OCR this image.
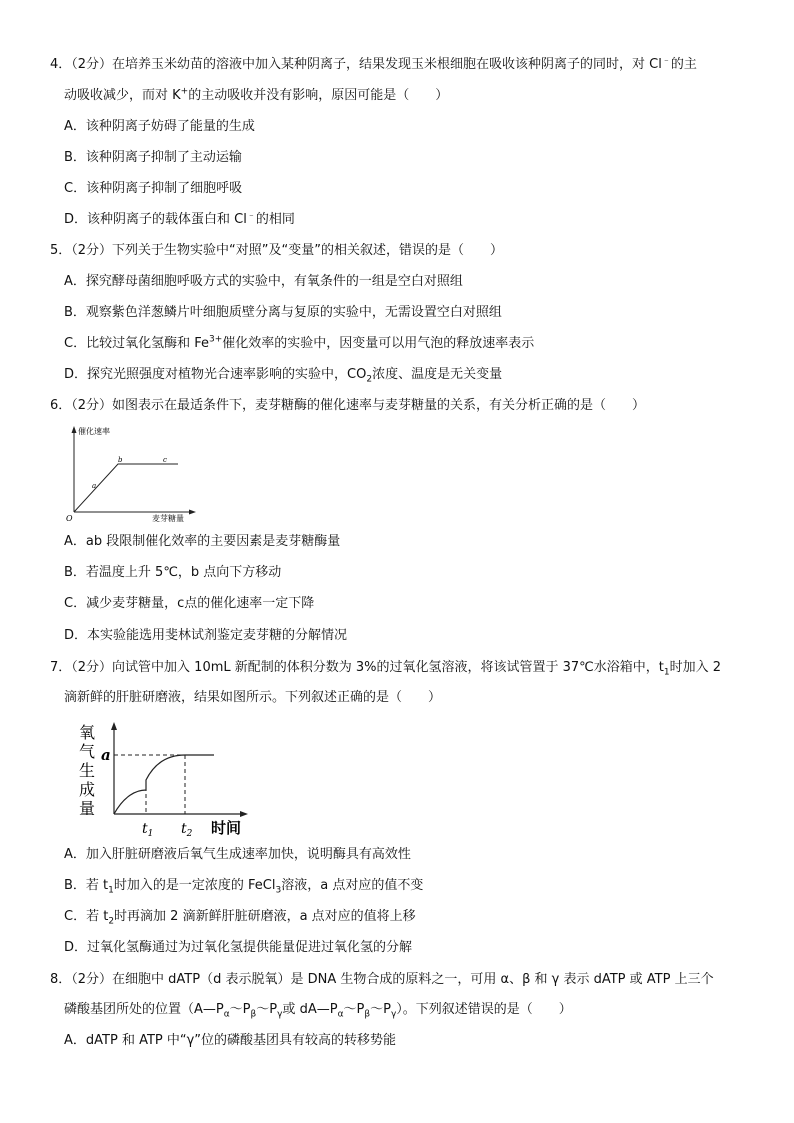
4．（2分）在培养玉米幼苗的溶液中加入某种阴离子，结果发现玉米根细胞在吸收该种阴离子的同时，对 Cl﹣的主
动吸收减少，而对 K+的主动吸收并没有影响，原因可能是（　　）
A．该种阴离子妨碍了能量的生成
B．该种阴离子抑制了主动运输
C．该种阴离子抑制了细胞呼吸
D．该种阴离子的载体蛋白和 Cl﹣的相同
5．（2分）下列关于生物实验中“对照”及“变量”的相关叙述，错误的是（　　）
A．探究酵母菌细胞呼吸方式的实验中，有氧条件的一组是空白对照组
B．观察紫色洋葱鳞片叶细胞质壁分离与复原的实验中，无需设置空白对照组
C．比较过氧化氢酶和 $Fe^{3+}$催化效率的实验中，因变量可以用气泡的释放速率表示
D．探究光照强度对植物光合速率影响的实验中，$CO_2$浓度、温度是无关变量
6．（2分）如图表示在最适条件下，麦芽糖酶的催化速率与麦芽糖量的关系，有关分析正确的是（　　）
催化速率
麦芽糖量
O
a
b	c
A．ab 段限制催化效率的主要因素是麦芽糖酶量
B．若温度上升 5℃，b 点向下方移动
C．减少麦芽糖量，c点的催化速率一定下降
D．本实验能选用斐林试剂鉴定麦芽糖的分解情况
7．（2分）向试管中加入 10mL 新配制的体积分数为 3%的过氧化氢溶液，将该试管置于 37℃水浴箱中，$t_1$时加入 2
滴新鲜的肝脏研磨液，结果如图所示。下列叙述正确的是（　　）
氧
气
生
成
量
a
$t_1$ $t_2$ 时间
A．加入肝脏研磨液后氧气生成速率加快，说明酶具有高效性
B．若 $t_1$时加入的是一定浓度的 FeCl$_3$溶液，a 点对应的值不变
C．若 $t_2$时再滴加 2 滴新鲜肝脏研磨液，a 点对应的值将上移
D．过氧化氢酶通过为过氧化氢提供能量促进过氧化氢的分解
8．（2分）在细胞中 dATP（d 表示脱氧）是 DNA 生物合成的原料之一，可用 α、β 和 γ 表示 dATP 或 ATP 上三个
磷酸基团所处的位置（$A—P_\alpha\sim P_\beta\sim P_\gamma$或 $dA—P_\alpha\sim P_\beta\sim P_\gamma$）。下列叙述错误的是（　　）
A．dATP 和 ATP 中“γ”位的磷酸基团具有较高的转移势能
